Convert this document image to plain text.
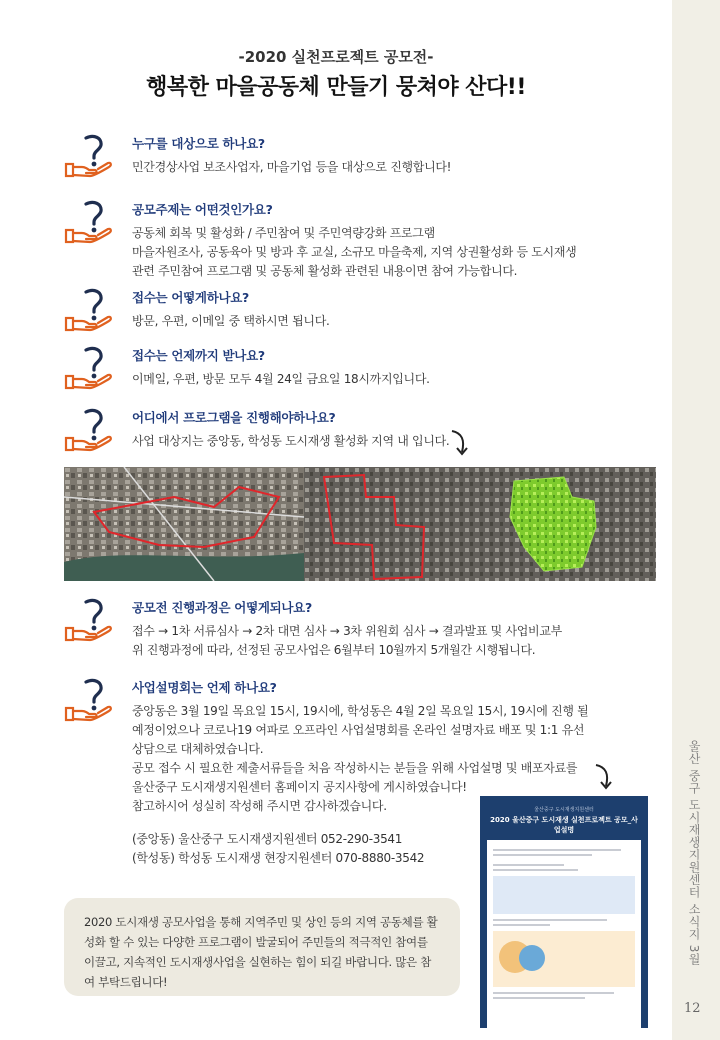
울산 중구 도시재생지원센터 소식지 3월
12
-2020 실천프로젝트 공모전-
행복한 마을공동체 만들기 뭉쳐야 산다!!
누구를 대상으로 하나요?
민간경상사업 보조사업자, 마을기업 등을 대상으로 진행합니다!
공모주제는 어떤것인가요?
공동체 회복 및 활성화 / 주민참여 및 주민역량강화 프로그램
마을자원조사, 공동육아 및 방과 후 교실, 소규모 마을축제, 지역 상권활성화 등 도시재생
관련 주민참여 프로그램 및 공동체 활성화 관련된 내용이면 참여 가능합니다.
접수는 어떻게하나요?
방문, 우편, 이메일 중 택하시면 됩니다.
접수는 언제까지 받나요?
이메일, 우편, 방문 모두 4월 24일 금요일 18시까지입니다.
어디에서 프로그램을 진행해야하나요?
사업 대상지는 중앙동, 학성동 도시재생 활성화 지역 내 입니다.
공모전 진행과정은 어떻게되나요?
접수 → 1차 서류심사 → 2차 대면 심사 → 3차 위원회 심사 → 결과발표 및 사업비교부
위 진행과정에 따라, 선정된 공모사업은 6월부터 10월까지 5개월간 시행됩니다.
사업설명회는 언제 하나요?
중앙동은 3월 19일 목요일 15시, 19시에, 학성동은 4월 2일 목요일 15시, 19시에 진행 될
예정이었으나 코로나19 여파로 오프라인 사업설명회를 온라인 설명자료 배포 및 1:1 유선
상담으로 대체하였습니다.
공모 접수 시 필요한 제출서류들을 처음 작성하시는 분들을 위해 사업설명 및 배포자료를
울산중구 도시재생지원센터 홈페이지 공지사항에 게시하였습니다!
참고하시어 성실히 작성해 주시면 감사하겠습니다.
(중앙동) 울산중구 도시재생지원센터 052-290-3541
(학성동) 학성동 도시재생 현장지원센터 070-8880-3542
2020 도시재생 공모사업을 통해 지역주민 및 상인 등의 지역 공동체를 활성화 할 수 있는 다양한 프로그램이 발굴되어 주민들의 적극적인 참여를 이끌고, 지속적인 도시재생사업을 실현하는 힘이 되길 바랍니다. 많은 참여 부탁드립니다!
울산중구 도시재생지원센터
2020 울산중구 도시재생 실천프로젝트 공모_사업설명
